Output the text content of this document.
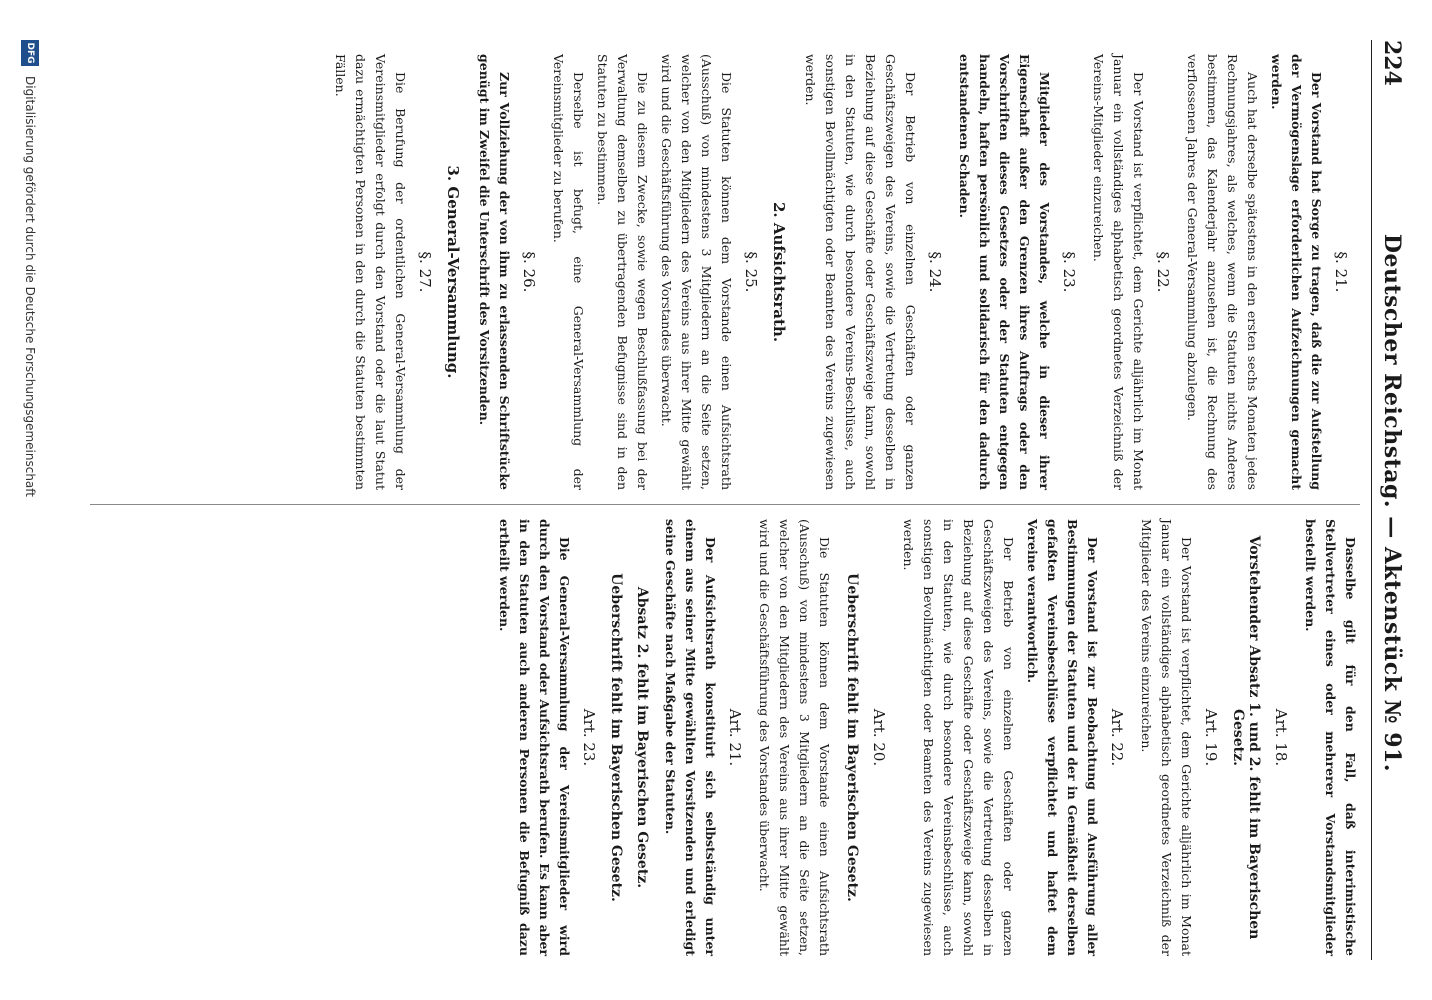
224
Deutscher Reichstag. — Aktenstück № 91.
§. 21.
Der Vorstand hat Sorge zu tragen, daß die zur Aufstellung der Vermögenslage erforderlichen Aufzeichnungen gemacht werden.
Auch hat derselbe spätestens in den ersten sechs Monaten jedes Rechnungsjahres, als welches, wenn die Statuten nichts Anderes bestimmen, das Kalenderjahr anzusehen ist, die Rechnung des verflossenen Jahres der General-Versammlung abzulegen.
§. 22.
Der Vorstand ist verpflichtet, dem Gerichte alljährlich im Monat Januar ein vollständiges alphabetisch geordnetes Verzeichniß der Vereins-Mitglieder einzureichen.
§. 23.
Mitglieder des Vorstandes, welche in dieser ihrer Eigenschaft außer den Grenzen ihres Auftrags oder den Vorschriften dieses Gesetzes oder der Statuten entgegen handeln, haften persönlich und solidarisch für den dadurch entstandenen Schaden.
§. 24.
Der Betrieb von einzelnen Geschäften oder ganzen Geschäftszweigen des Vereins, sowie die Vertretung desselben in Beziehung auf diese Geschäfte oder Geschäftszweige kann, sowohl in den Statuten, wie durch besondere Vereins-Beschlüsse, auch sonstigen Bevollmächtigten oder Beamten des Vereins zugewiesen werden.
2. Aufsichtsrath.
§. 25.
Die Statuten können dem Vorstande einen Aufsichtsrath (Ausschuß) von mindestens 3 Mitgliedern an die Seite setzen, welcher von den Mitgliedern des Vereins aus ihrer Mitte gewählt wird und die Geschäftsführung des Vorstandes überwacht.
Die zu diesem Zwecke, sowie wegen Beschlußfassung bei der Verwaltung demselben zu übertragenden Befugnisse sind in den Statuten zu bestimmen.
Derselbe ist befugt, eine General-Versammlung der Vereinsmitglieder zu berufen.
§. 26.
Zur Vollziehung der von ihm zu erlassenden Schriftstücke genügt im Zweifel die Unterschrift des Vorsitzenden.
3. General-Versammlung.
§. 27.
Die Berufung der ordentlichen General-Versammlung der Vereinsmitglieder erfolgt durch den Vorstand oder die laut Statut dazu ermächtigten Personen in den durch die Statuten bestimmten Fällen.
Dasselbe gilt für den Fall, daß interimistische Stellvertreter eines oder mehrerer Vorstandsmitglieder bestellt werden.
Art. 18.
Vorstehender Absatz 1. und 2. fehlt im Bayerischen Gesetz.
Art. 19.
Der Vorstand ist verpflichtet, dem Gerichte alljährlich im Monat Januar ein vollständiges alphabetisch geordnetes Verzeichniß der Mitglieder des Vereins einzureichen.
Art. 22.
Der Vorstand ist zur Beobachtung und Ausführung aller Bestimmungen der Statuten und der in Gemäßheit derselben gefaßten Vereinsbeschlüsse verpflichtet und haftet dem Vereine verantwortlich.
Der Betrieb von einzelnen Geschäften oder ganzen Geschäftszweigen des Vereins, sowie die Vertretung desselben in Beziehung auf diese Geschäfte oder Geschäftszweige kann, sowohl in den Statuten, wie durch besondere Vereinsbeschlüsse, auch sonstigen Bevollmächtigten oder Beamten des Vereins zugewiesen werden.
Art. 20.
Ueberschrift fehlt im Bayerischen Gesetz.
Die Statuten können dem Vorstande einen Aufsichtsrath (Ausschuß) von mindestens 3 Mitgliedern an die Seite setzen, welcher von den Mitgliedern des Vereins aus ihrer Mitte gewählt wird und die Geschäftsführung des Vorstandes überwacht.
Art. 21.
Der Aufsichtsrath konstituirt sich selbstständig unter einem aus seiner Mitte gewählten Vorsitzenden und erledigt seine Geschäfte nach Maßgabe der Statuten.
Absatz 2. fehlt im Bayerischen Gesetz.
Ueberschrift fehlt im Bayerischen Gesetz.
Art. 23.
Die General-Versammlung der Vereinsmitglieder wird durch den Vorstand oder Aufsichtsrath berufen. Es kann aber in den Statuten auch anderen Personen die Befugniß dazu ertheilt werden.
DFG
Digitalisierung gefördert durch die Deutsche Forschungsgemeinschaft
